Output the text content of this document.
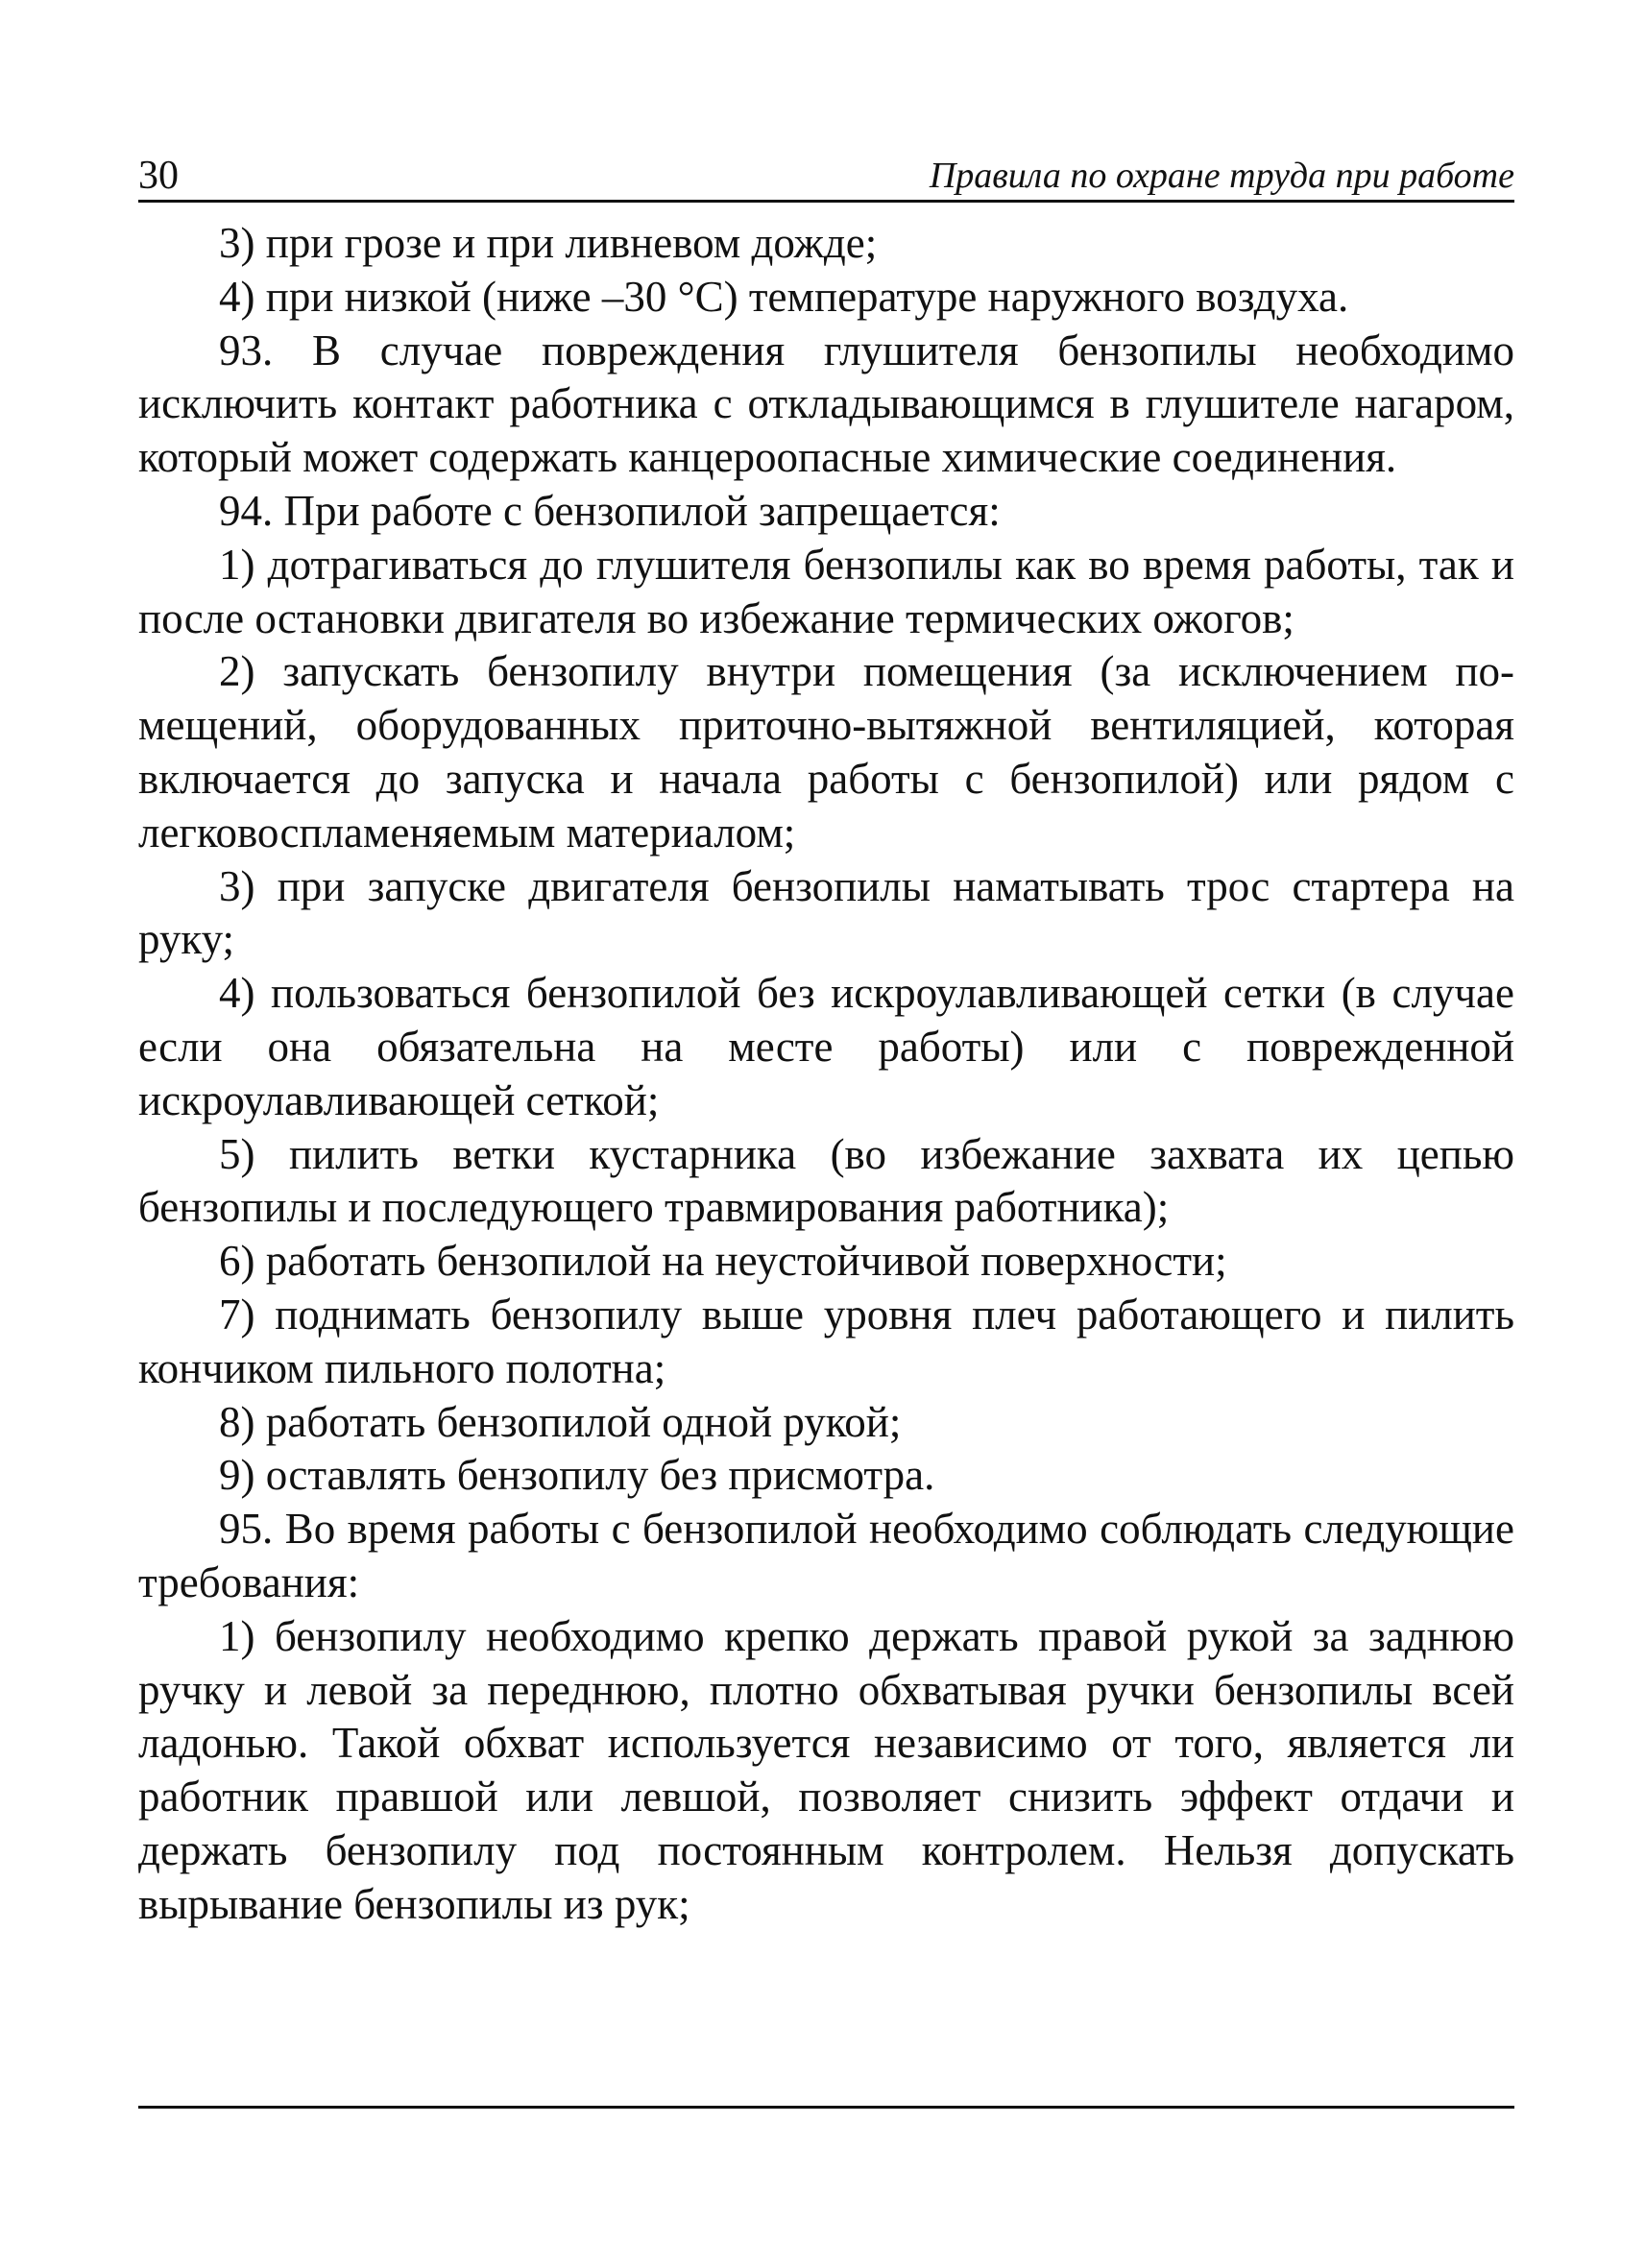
30	Правила по охране труда при работе

3) при грозе и при ливневом дожде;

4) при низкой (ниже –30 °С) температуре наружного воздуха.

93. В случае повреждения глушителя бензопилы необходимо исключить контакт работника с откладывающимся в глушителе нагаром, который может содержать канцероопасные химические соединения.

94. При работе с бензопилой запрещается:

1) дотрагиваться до глушителя бензопилы как во время работы, так и после остановки двигателя во избежание термических ожогов;

2) запускать бензопилу внутри помещения (за исключением помещений, оборудованных приточно-вытяжной вентиляцией, которая включается до запуска и начала работы с бензопилой) или рядом с легковоспламеняемым материалом;

3) при запуске двигателя бензопилы наматывать трос стартера на руку;

4) пользоваться бензопилой без искроулавливающей сетки (в случае если она обязательна на месте работы) или с поврежденной искроулавливающей сеткой;

5) пилить ветки кустарника (во избежание захвата их цепью бензопилы и последующего травмирования работника);

6) работать бензопилой на неустойчивой поверхности;

7) поднимать бензопилу выше уровня плеч работающего и пилить кончиком пильного полотна;

8) работать бензопилой одной рукой;

9) оставлять бензопилу без присмотра.

95. Во время работы с бензопилой необходимо соблюдать следующие требования:

1) бензопилу необходимо крепко держать правой рукой за заднюю ручку и левой за переднюю, плотно обхватывая ручки бензопилы всей ладонью. Такой обхват используется независимо от того, является ли работник правшой или левшой, позволяет снизить эффект отдачи и держать бензопилу под постоянным контролем. Нельзя допускать вырывание бензопилы из рук;
